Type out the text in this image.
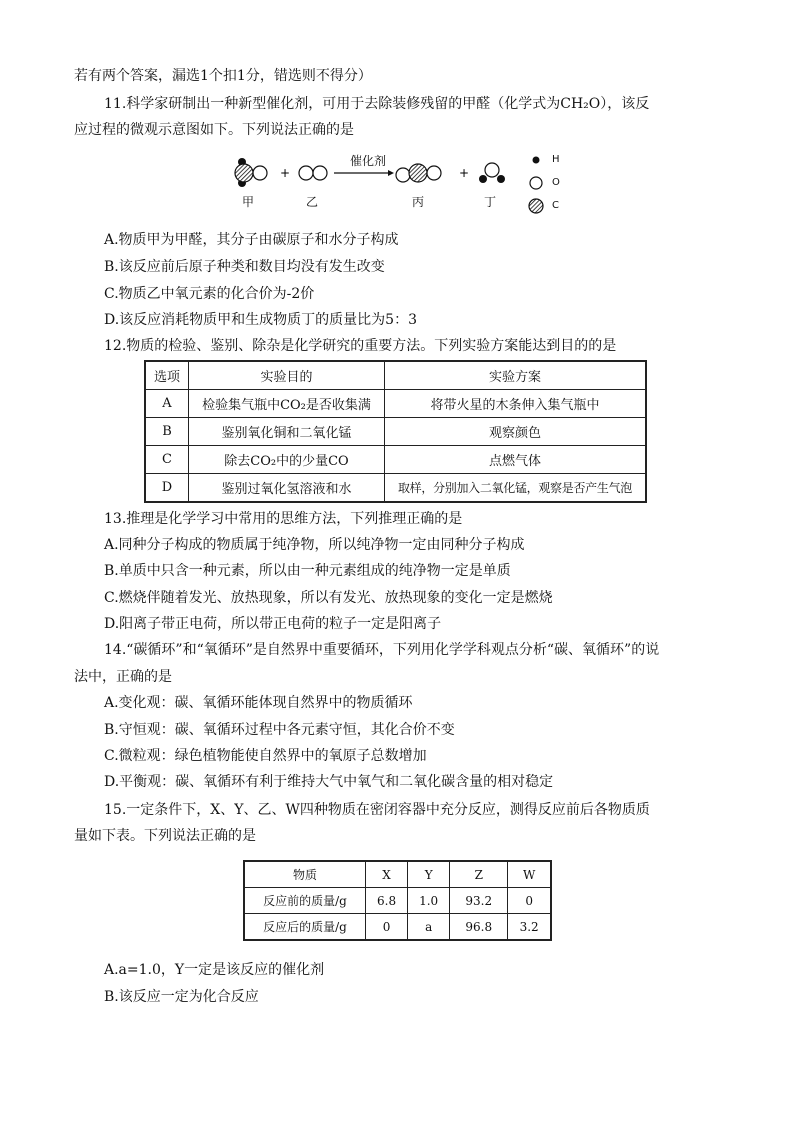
若有两个答案，漏选1个扣1分，错选则不得分）
11.科学家研制出一种新型催化剂，可用于去除装修残留的甲醛（化学式为CH₂O），该反
应过程的微观示意图如下。下列说法正确的是
+	+
催化剂
甲	乙	丙	丁
H
O
C
A.物质甲为甲醛，其分子由碳原子和水分子构成
B.该反应前后原子种类和数目均没有发生改变
C.物质乙中氧元素的化合价为-2价
D.该反应消耗物质甲和生成物质丁的质量比为5：3
12.物质的检验、鉴别、除杂是化学研究的重要方法。下列实验方案能达到目的的是
选项	实验目的	实验方案
A	检验集气瓶中CO₂是否收集满	将带火星的木条伸入集气瓶中
B	鉴别氧化铜和二氧化锰	观察颜色
C	除去CO₂中的少量CO	点燃气体
D	鉴别过氧化氢溶液和水	取样，分别加入二氧化锰，观察是否产生气泡
13.推理是化学学习中常用的思维方法，下列推理正确的是
A.同种分子构成的物质属于纯净物，所以纯净物一定由同种分子构成
B.单质中只含一种元素，所以由一种元素组成的纯净物一定是单质
C.燃烧伴随着发光、放热现象，所以有发光、放热现象的变化一定是燃烧
D.阳离子带正电荷，所以带正电荷的粒子一定是阳离子
14.“碳循环”和“氧循环”是自然界中重要循环，下列用化学学科观点分析“碳、氧循环”的说
法中，正确的是
A.变化观：碳、氧循环能体现自然界中的物质循环
B.守恒观：碳、氧循环过程中各元素守恒，其化合价不变
C.微粒观：绿色植物能使自然界中的氧原子总数增加
D.平衡观：碳、氧循环有利于维持大气中氧气和二氧化碳含量的相对稳定
15.一定条件下，X、Y、乙、W四种物质在密闭容器中充分反应，测得反应前后各物质质
量如下表。下列说法正确的是
物质	X	Y	Z	W
反应前的质量/g	6.8	1.0	93.2	0
反应后的质量/g	0	a	96.8	3.2
A.a=1.0，Y一定是该反应的催化剂
B.该反应一定为化合反应
